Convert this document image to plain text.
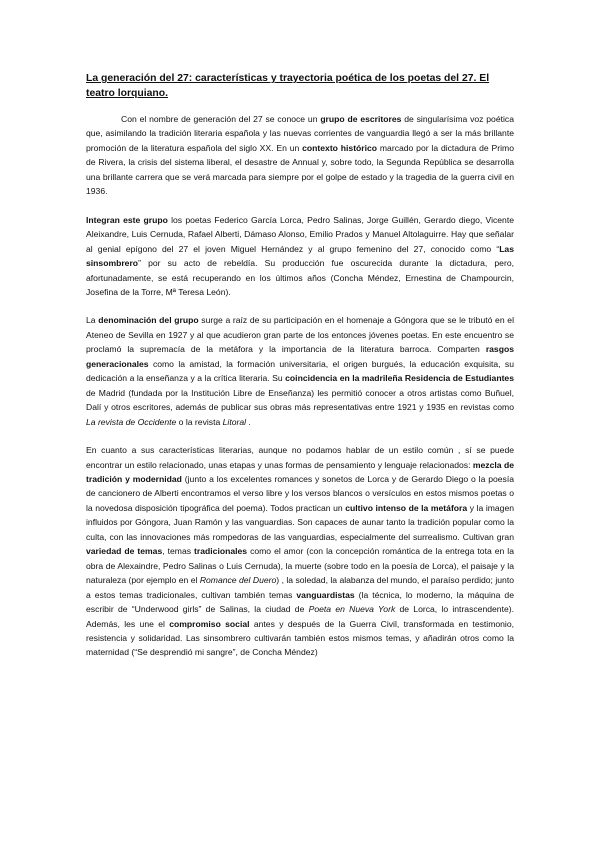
La generación del 27: características y trayectoria poética de los poetas del 27. El teatro lorquiano.

Con el nombre de generación del 27 se conoce un grupo de escritores de singularísima voz poética que, asimilando la tradición literaria española y las nuevas corrientes de vanguardia llegó a ser la más brillante promoción de la literatura española del siglo XX. En un contexto histórico marcado por la dictadura de Primo de Rivera, la crisis del sistema liberal, el desastre de Annual y, sobre todo, la Segunda República se desarrolla una brillante carrera que se verá marcada para siempre por el golpe de estado y la tragedia de la guerra civil en 1936.

Integran este grupo los poetas Federico García Lorca, Pedro Salinas, Jorge Guillén, Gerardo diego, Vicente Aleixandre, Luis Cernuda, Rafael Alberti, Dámaso Alonso, Emilio Prados y Manuel Altolaguirre. Hay que señalar al genial epígono del 27 el joven Miguel Hernández y al grupo femenino del 27, conocido como “Las sinsombrero” por su acto de rebeldía. Su producción fue oscurecida durante la dictadura, pero, afortunadamente, se está recuperando en los últimos años (Concha Méndez, Ernestina de Champourcin, Josefina de la Torre, Mª Teresa León).

La denominación del grupo surge a raíz de su participación en el homenaje a Góngora que se le tributó en el Ateneo de Sevilla en 1927 y al que acudieron gran parte de los entonces jóvenes poetas. En este encuentro se proclamó la supremacía de la metáfora y la importancia de la literatura barroca. Comparten rasgos generacionales como la amistad, la formación universitaria, el origen burgués, la educación exquisita, su dedicación a la enseñanza y a la crítica literaria. Su coincidencia en la madrileña Residencia de Estudiantes de Madrid (fundada por la Institución Libre de Enseñanza) les permitió conocer a otros artistas como Buñuel, Dalí y otros escritores, además de publicar sus obras más representativas entre 1921 y 1935 en revistas como La revista de Occidente o la revista Litoral .

En cuanto a sus características literarias, aunque no podamos hablar de un estilo común , sí se puede encontrar un estilo relacionado, unas etapas y unas formas de pensamiento y lenguaje relacionados: mezcla de tradición y modernidad (junto a los excelentes romances y sonetos de Lorca y de Gerardo Diego o la poesía de cancionero de Alberti encontramos el verso libre y los versos blancos o versículos en estos mismos poetas o la novedosa disposición tipográfica del poema). Todos practican un cultivo intenso de la metáfora y la imagen influidos por Góngora, Juan Ramón y las vanguardias. Son capaces de aunar tanto la tradición popular como la culta, con las innovaciones más rompedoras de las vanguardias, especialmente del surrealismo. Cultivan gran variedad de temas, temas tradicionales como el amor (con la concepción romántica de la entrega tota en la obra de Alexaindre, Pedro Salinas o Luis Cernuda), la muerte (sobre todo en la poesía de Lorca), el paisaje y la naturaleza (por ejemplo en el Romance del Duero) , la soledad, la alabanza del mundo, el paraíso perdido; junto a estos temas tradicionales, cultivan también temas vanguardistas (la técnica, lo moderno, la máquina de escribir de “Underwood girls” de Salinas, la ciudad de Poeta en Nueva York de Lorca, lo intrascendente). Además, les une el compromiso social antes y después de la Guerra Civil, transformada en testimonio, resistencia y solidaridad. Las sinsombrero cultivarán también estos mismos temas, y añadirán otros como la maternidad (“Se desprendió mi sangre”, de Concha Méndez)
